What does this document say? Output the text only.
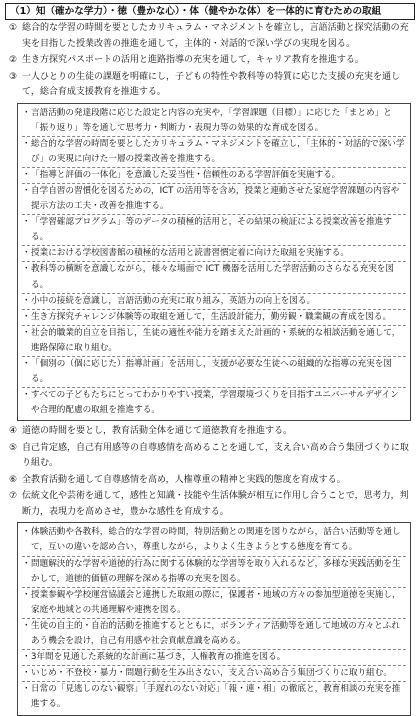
（1）知（確かな学力）・徳（豊かな心）・体（健やかな体）を一体的に育むための取組
① 総合的な学習の時間を要としたカリキュラム・マネジメントを確立し，言語活動と探究活動の充実を目指した授業改善の推進を通して，主体的・対話的で深い学びの実現を図る。
② 生き方探究パスポートの活用と進路指導の充実を通して，キャリア教育を推進する。
③ 一人ひとりの生徒の課題を明確にし，子どもの特性や教科等の特質に応じた支援の充実を通して，総合育成支援教育を推進する。
・ 言語活動の発達段階に応じた設定と内容の充実や，「学習課題（目標）」に応じた「まとめ」と「振り返り」等を通して思考力・判断力・表現力等の効果的な育成を図る。
・ 総合的な学習の時間を要としたカリキュラム・マネジメントを確立し，「主体的・対話的で深い学び」の実現に向けた一層の授業改善を推進する。
・ 「指導と評価の一体化」を意識した妥当性・信頼性のある学習評価を実施する。
・ 自学自習の習慣化を図るための，ICT の活用等を含め，授業と連動させた家庭学習課題の内容や提示方法の工夫・改善を推進する。
・ 「学習確認プログラム」等のデータの積極的活用と，その結果の検証による授業改善を推進する。
・ 授業における学校図書館の積極的な活用と読書習慣定着に向けた取組を実施する。
・ 教科等の横断を意識しながら，様々な場面で ICT 機器を活用した学習活動のさらなる充実を図る。
・ 小中の接続を意識し，言語活動の充実に取り組み，英語力の向上を図る。
・ 生き方探究チャレンジ体験等の取組を通して，生活設計能力，勤労観・職業観の育成を図る。
・ 社会的職業的自立を目指し，生徒の適性や能力を踏まえた計画的・系統的な相談活動を通して，進路保障に取り組む。
・ 「個別の（個に応じた）指導計画」を活用し，支援が必要な生徒への組織的な指導の充実を図る。
・ すべての子どもたちにとってわかりやすい授業，学習環境づくりを目指すユニバーサルデザインや合理的配慮の取組を推進する。
④ 道徳の時間を要とし，教育活動全体を通じて道徳教育を推進する。
⑤ 自己肯定感，自己有用感等の自尊感情を高めることを通して，支え合い高め合う集団づくりに取り組む。
⑥ 全教育活動を通して自尊感情を高め，人権尊重の精神と実践的態度を育成する。
⑦ 伝統文化や芸術を通して，感性と知識・技能や生活体験が相互に作用し合うことで，思考力，判断力，表現力を高めさせ，豊かな感性を育成する。
・ 体験活動や各教科，総合的な学習の時間，特別活動との関連を図りながら，話合い活動等を通して，互いの違いを認め合い，尊重しながら，よりよく生きようとする態度を育てる。
・ 問題解決的な学習や道徳的行為に関する体験的な学習等を取り入れるなど，多様な実践活動を生かして，道徳的価値の理解を深める指導の充実を図る。
・ 授業参観や学校運営協議会と連携した取組の際に，保護者・地域の方々の参加型道徳を実施し，家庭や地域との共通理解や連携を図る。
・ 生徒の自主的・自治的活動を推進するとともに，ボランティア活動等を通して地域の方々とふれあう機会を設け，自己有用感や社会貢献意識を高める。
・ 3年間を見通した系統的な計画に基づき，人権教育の推進を図る。
・ いじめ・不登校・暴力・問題行動を生み出さない，支え合い高め合う集団づくりに取り組む。
・ 日常の「見逃しのない観察」「手遅れのない対応」「報・連・相」の徹底と，教育相談の充実を推進する。
